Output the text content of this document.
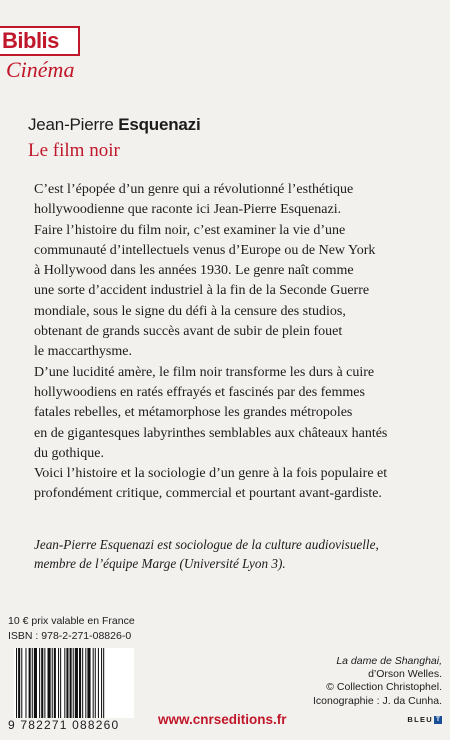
Biblis
Cinéma
Jean-Pierre Esquenazi
Le film noir
C’est l’épopée d’un genre qui a révolutionné l’esthétique
hollywoodienne que raconte ici Jean-Pierre Esquenazi.
Faire l’histoire du film noir, c’est examiner la vie d’une
communauté d’intellectuels venus d’Europe ou de New York
à Hollywood dans les années 1930. Le genre naît comme
une sorte d’accident industriel à la fin de la Seconde Guerre
mondiale, sous le signe du défi à la censure des studios,
obtenant de grands succès avant de subir de plein fouet
le maccarthysme.
D’une lucidité amère, le film noir transforme les durs à cuire
hollywoodiens en ratés effrayés et fascinés par des femmes
fatales rebelles, et métamorphose les grandes métropoles
en de gigantesques labyrinthes semblables aux châteaux hantés
du gothique.
Voici l’histoire et la sociologie d’un genre à la fois populaire et
profondément critique, commercial et pourtant avant-gardiste.
Jean-Pierre Esquenazi est sociologue de la culture audiovisuelle,
membre de l’équipe Marge (Université Lyon 3).
10 € prix valable en France
ISBN : 978-2-271-08826-0
9 782271 088260	www.cnrseditions.fr
La dame de Shanghai,
d’Orson Welles.
© Collection Christophel.
Iconographie : J. da Cunha.
BLEU T
